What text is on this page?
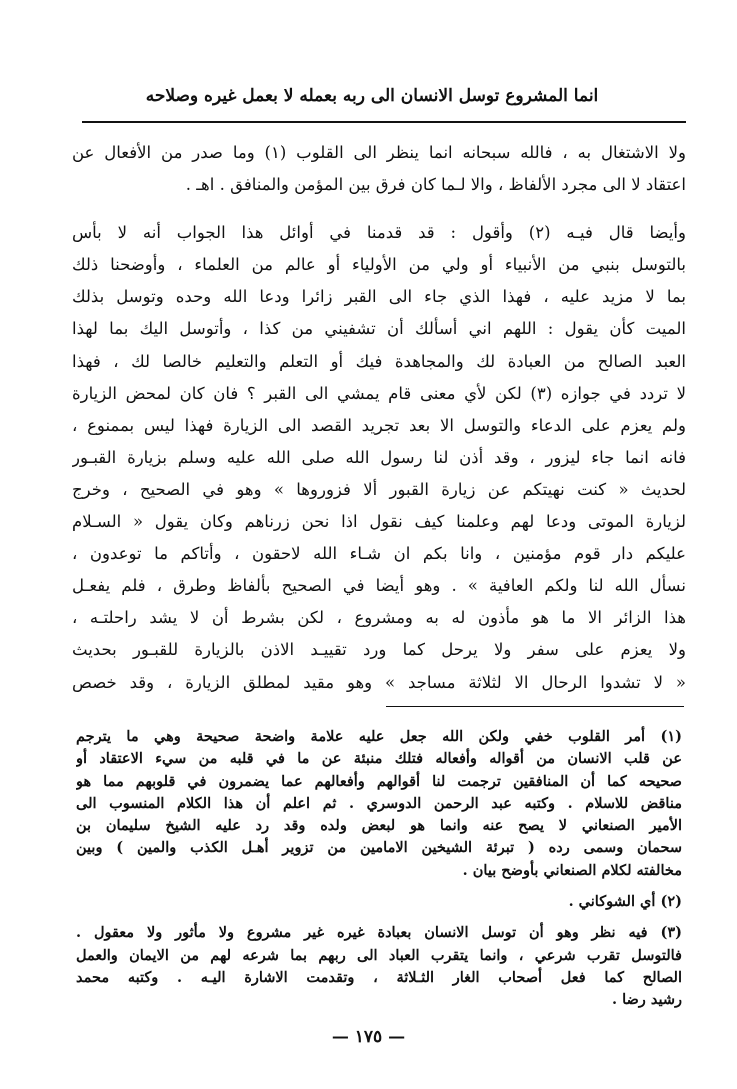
انما المشروع توسل الانسان الى ربه بعمله لا بعمل غيره وصلاحه
ولا الاشتغال به ، فالله سبحانه انما ينظر الى القلوب (١) وما صدر من الأفعال عن
اعتقاد لا الى مجرد الألفاظ ، والا لـما كان فرق بين المؤمن والمنافق . اهـ .
وأيضا قال فيـه (٢) وأقول : قد قدمنا في أوائل هذا الجواب أنه لا بأس
بالتوسل بنبي من الأنبياء أو ولي من الأولياء أو عالم من العلماء ، وأوضحنا ذلك
بما لا مزيد عليه ، فهذا الذي جاء الى القبر زائرا ودعا الله وحده وتوسل بذلك
الميت كأن يقول : اللهم اني أسألك أن تشفيني من كذا ، وأتوسل اليك بما لهذا
العبد الصالح من العبادة لك والمجاهدة فيك أو التعلم والتعليم خالصا لك ، فهذا
لا تردد في جوازه (٣) لكن لأي معنى قام يمشي الى القبر ؟ فان كان لمحض الزيارة
ولم يعزم على الدعاء والتوسل الا بعد تجريد القصد الى الزيارة فهذا ليس بممنوع ،
فانه انما جاء ليزور ، وقد أذن لنا رسول الله صلى الله عليه وسلم بزيارة القبـور
لحديث « كنت نهيتكم عن زيارة القبور ألا فزوروها » وهو في الصحيح ، وخرج
لزيارة الموتى ودعا لهم وعلمنا كيف نقول اذا نحن زرناهم وكان يقول « السـلام
عليكم دار قوم مؤمنين ، وانا بكم ان شـاء الله لاحقون ، وأتاكم ما توعدون ،
نسأل الله لنا ولكم العافية » . وهو أيضا في الصحيح بألفاظ وطرق ، فلم يفعـل
هذا الزائر الا ما هو مأذون له به ومشروع ، لكن بشرط أن لا يشد راحلتـه ،
ولا يعزم على سفر ولا يرحل كما ورد تقييـد الاذن بالزيارة للقبـور بحديث
« لا تشدوا الرحال الا لثلاثة مساجد » وهو مقيد لمطلق الزيارة ، وقد خصص
(١) أمر القلوب خفي ولكن الله جعل عليه علامة واضحة صحيحة وهي ما يترجم
عن قلب الانسان من أقواله وأفعاله فتلك منبئة عن ما في قلبه من سيء الاعتقاد أو
صحيحه كما أن المنافقين ترجمت لنا أقوالهم وأفعالهم عما يضمرون في قلوبهم مما هو
مناقض للاسلام . وكتبه عبد الرحمن الدوسري . ثم اعلم أن هذا الكلام المنسوب الى
الأمير الصنعاني لا يصح عنه وانما هو لبعض ولده وقد رد عليه الشيخ سليمان بن
سحمان وسمى رده ( تبرئة الشيخين الامامين من تزوير أهـل الكذب والمين ) وبين
مخالفته لكلام الصنعاني بأوضح بيان .
(٢) أي الشوكاني .
(٣) فيه نظر وهو أن توسل الانسان بعبادة غيره غير مشروع ولا مأثور ولا معقول .
فالتوسل تقرب شرعي ، وانما يتقرب العباد الى ربهم بما شرعه لهم من الايمان والعمل
الصالح كما فعل أصحاب الغار الثـلاثة ، وتقدمت الاشارة اليـه . وكتبه محمد
رشيد رضا .
— ١٧٥ —
